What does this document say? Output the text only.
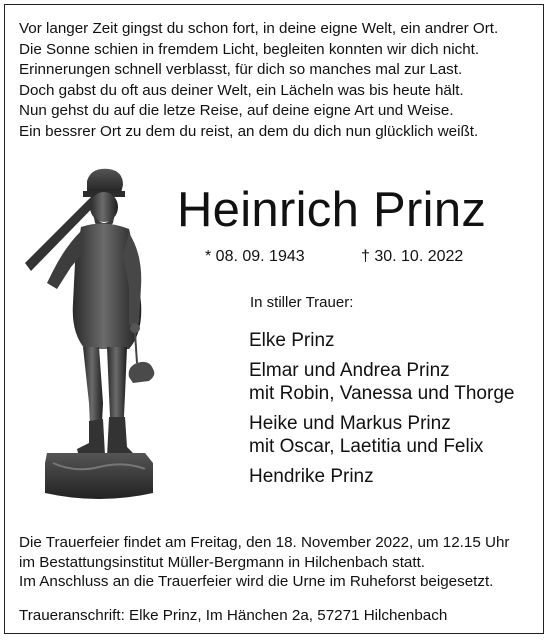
Vor langer Zeit gingst du schon fort, in deine eigne Welt, ein andrer Ort.
Die Sonne schien in fremdem Licht, begleiten konnten wir dich nicht.
Erinnerungen schnell verblasst, für dich so manches mal zur Last.
Doch gabst du oft aus deiner Welt, ein Lächeln was bis heute hält.
Nun gehst du auf die letze Reise, auf deine eigne Art und Weise.
Ein bessrer Ort zu dem du reist, an dem du dich nun glücklich weißt.
Heinrich Prinz
* 08. 09. 1943	† 30. 10. 2022
In stiller Trauer:
Elke Prinz
Elmar und Andrea Prinz
mit Robin, Vanessa und Thorge
Heike und Markus Prinz
mit Oscar, Laetitia und Felix
Hendrike Prinz
Die Trauerfeier findet am Freitag, den 18. November 2022, um 12.15 Uhr
im Bestattungsinstitut Müller-Bergmann in Hilchenbach statt.
Im Anschluss an die Trauerfeier wird die Urne im Ruheforst beigesetzt.
Traueranschrift: Elke Prinz, Im Hänchen 2a, 57271 Hilchenbach
